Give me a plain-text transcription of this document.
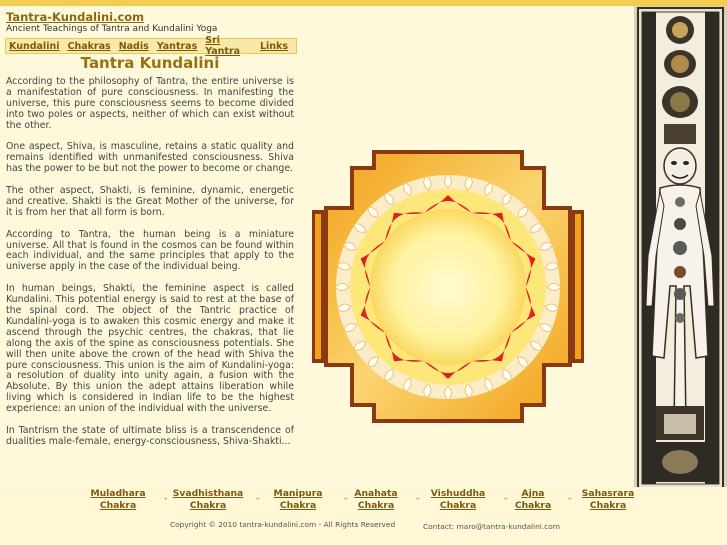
Tantra-Kundalini.com
Ancient Teachings of Tantra and Kundalini Yoga
Kundalini Chakras Nadis Yantras Sri Yantra	Links
Tantra Kundalini

According to the philosophy of Tantra, the entire universe is a manifestation of pure consciousness. In manifesting the universe, this pure consciousness seems to become divided into two poles or aspects, neither of which can exist without the other.

One aspect, Shiva, is masculine, retains a static quality and remains identified with unmanifested consciousness. Shiva has the power to be but not the power to become or change.

The other aspect, Shakti, is feminine, dynamic, energetic and creative. Shakti is the Great Mother of the universe, for it is from her that all form is born.

According to Tantra, the human being is a miniature universe. All that is found in the cosmos can be found within each individual, and the same principles that apply to the universe apply in the case of the individual being.

In human beings, Shakti, the feminine aspect is called Kundalini. This potential energy is said to rest at the base of the spinal cord. The object of the Tantric practice of Kundalini-yoga is to awaken this cosmic energy and make it ascend through the psychic centres, the chakras, that lie along the axis of the spine as consciousness potentials. She will then unite above the crown of the head with Shiva the pure consciousness. This union is the aim of Kundalini-yoga: a resolution of duality into unity again, a fusion with the Absolute. By this union the adept attains liberation while living which is considered in Indian life to be the highest experience: an union of the individual with the universe.

In Tantrism the state of ultimate bliss is a transcendence of dualities male-female, energy-consciousness, Shiva-Shakti...

Muladhara
Chakra
- Svadhisthana
Chakra
-	Manipura
Chakra
- Anahata
Chakra
-	Vishuddha
Chakra
-	Ajna
Chakra
-	Sahasrara
Chakra
Copyright © 2010 tantra-kundalini.com - All Rights Reserved	Contact: maro@tantra-kundalini.com
